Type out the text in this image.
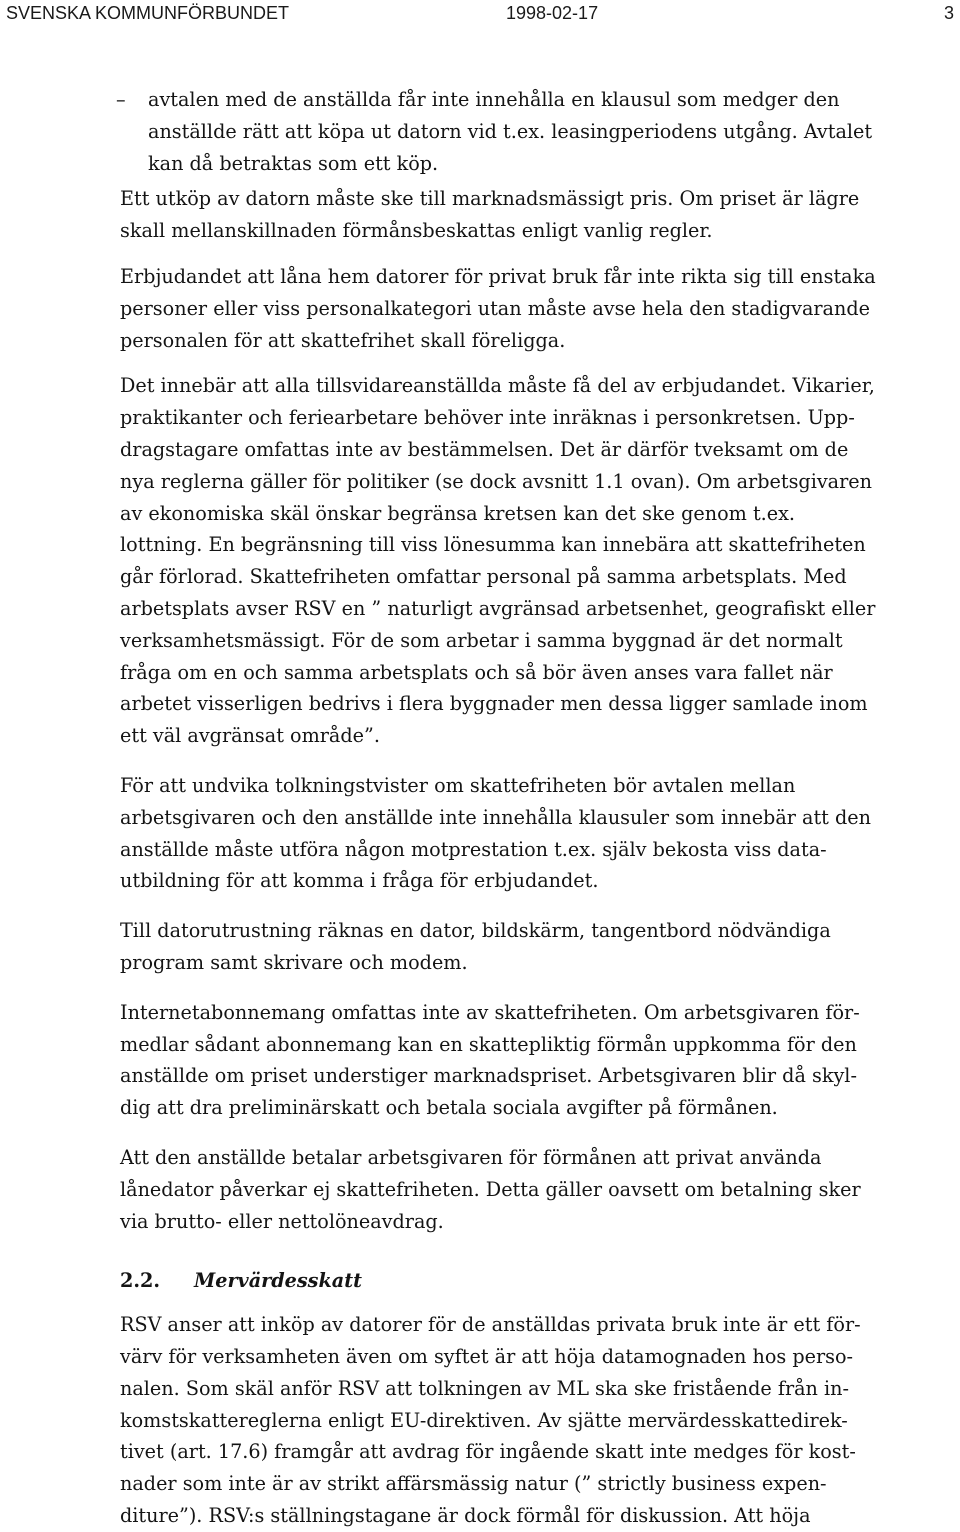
SVENSKA KOMMUNFÖRBUNDET	1998-02-17	3
– avtalen med de anställda får inte innehålla en klausul som medger den
anställde rätt att köpa ut datorn vid t.ex. leasingperiodens utgång. Avtalet
kan då betraktas som ett köp.

Ett utköp av datorn måste ske till marknadsmässigt pris. Om priset är lägre
skall mellanskillnaden förmånsbeskattas enligt vanlig regler.

Erbjudandet att låna hem datorer för privat bruk får inte rikta sig till enstaka
personer eller viss personalkategori utan måste avse hela den stadigvarande
personalen för att skattefrihet skall föreligga.

Det innebär att alla tillsvidareanställda måste få del av erbjudandet. Vikarier,
praktikanter och feriearbetare behöver inte inräknas i personkretsen. Upp-
dragstagare omfattas inte av bestämmelsen. Det är därför tveksamt om de
nya reglerna gäller för politiker (se dock avsnitt 1.1 ovan). Om arbetsgivaren
av ekonomiska skäl önskar begränsa kretsen kan det ske genom t.ex.
lottning. En begränsning till viss lönesumma kan innebära att skattefriheten
går förlorad. Skattefriheten omfattar personal på samma arbetsplats. Med
arbetsplats avser RSV en ” naturligt avgränsad arbetsenhet, geografiskt eller
verksamhetsmässigt. För de som arbetar i samma byggnad är det normalt
fråga om en och samma arbetsplats och så bör även anses vara fallet när
arbetet visserligen bedrivs i flera byggnader men dessa ligger samlade inom
ett väl avgränsat område”.

För att undvika tolkningstvister om skattefriheten bör avtalen mellan
arbetsgivaren och den anställde inte innehålla klausuler som innebär att den
anställde måste utföra någon motprestation t.ex. själv bekosta viss data-
utbildning för att komma i fråga för erbjudandet.

Till datorutrustning räknas en dator, bildskärm, tangentbord nödvändiga
program samt skrivare och modem.

Internetabonnemang omfattas inte av skattefriheten. Om arbetsgivaren för-
medlar sådant abonnemang kan en skattepliktig förmån uppkomma för den
anställde om priset understiger marknadspriset. Arbetsgivaren blir då skyl-
dig att dra preliminärskatt och betala sociala avgifter på förmånen.

Att den anställde betalar arbetsgivaren för förmånen att privat använda
lånedator påverkar ej skattefriheten. Detta gäller oavsett om betalning sker
via brutto- eller nettolöneavdrag.

2.2. Mervärdesskatt

RSV anser att inköp av datorer för de anställdas privata bruk inte är ett för-
värv för verksamheten även om syftet är att höja datamognaden hos perso-
nalen. Som skäl anför RSV att tolkningen av ML ska ske fristående från in-
komstskattereglerna enligt EU-direktiven. Av sjätte mervärdesskattedirek-
tivet (art. 17.6) framgår att avdrag för ingående skatt inte medges för kost-
nader som inte är av strikt affärsmässig natur (” strictly business expen-
diture”). RSV:s ställningstagane är dock förmål för diskussion. Att höja
